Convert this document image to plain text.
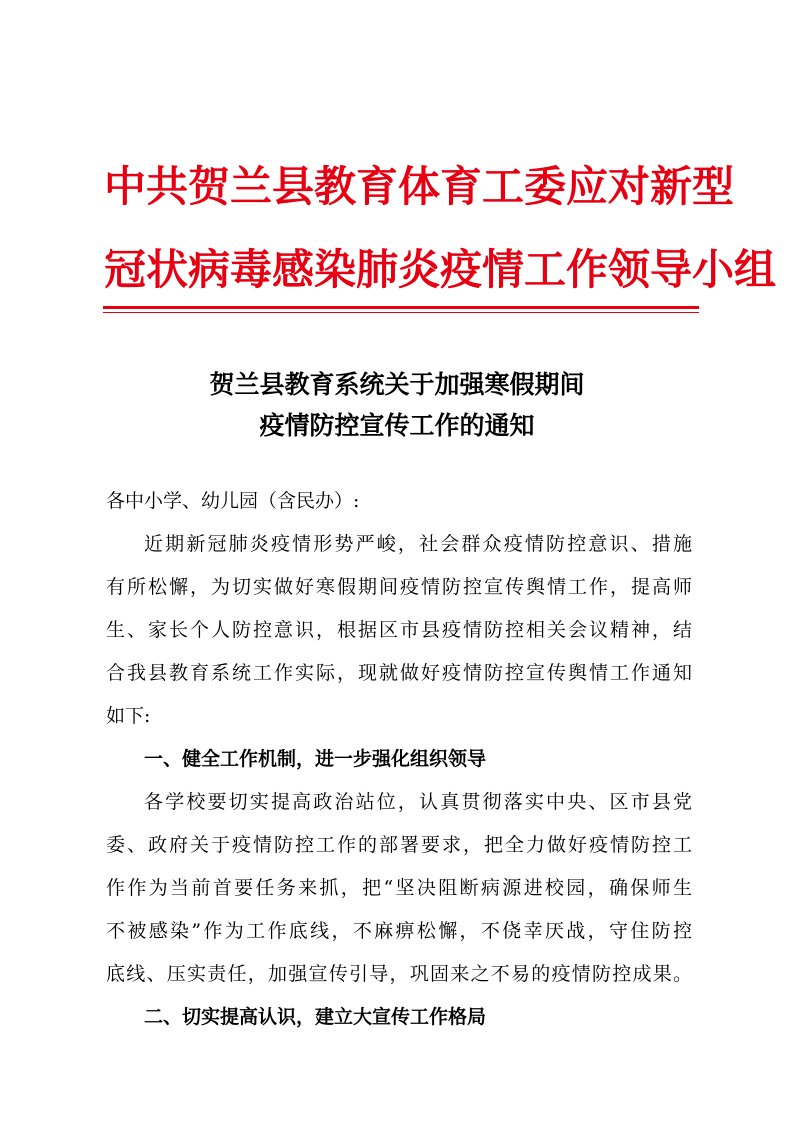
中共贺兰县教育体育工委应对新型
冠状病毒感染肺炎疫情工作领导小组
贺兰县教育系统关于加强寒假期间
疫情防控宣传工作的通知
各中小学、幼儿园（含民办）:
近期新冠肺炎疫情形势严峻，社会群众疫情防控意识、措施
有所松懈，为切实做好寒假期间疫情防控宣传舆情工作，提高师
生、家长个人防控意识，根据区市县疫情防控相关会议精神，结
合我县教育系统工作实际，现就做好疫情防控宣传舆情工作通知
如下:
一、健全工作机制，进一步强化组织领导
各学校要切实提高政治站位，认真贯彻落实中央、区市县党
委、政府关于疫情防控工作的部署要求，把全力做好疫情防控工
作作为当前首要任务来抓，把“坚决阻断病源进校园，确保师生
不被感染”作为工作底线，不麻痹松懈，不侥幸厌战，守住防控
底线、压实责任，加强宣传引导，巩固来之不易的疫情防控成果。
二、切实提高认识，建立大宣传工作格局
